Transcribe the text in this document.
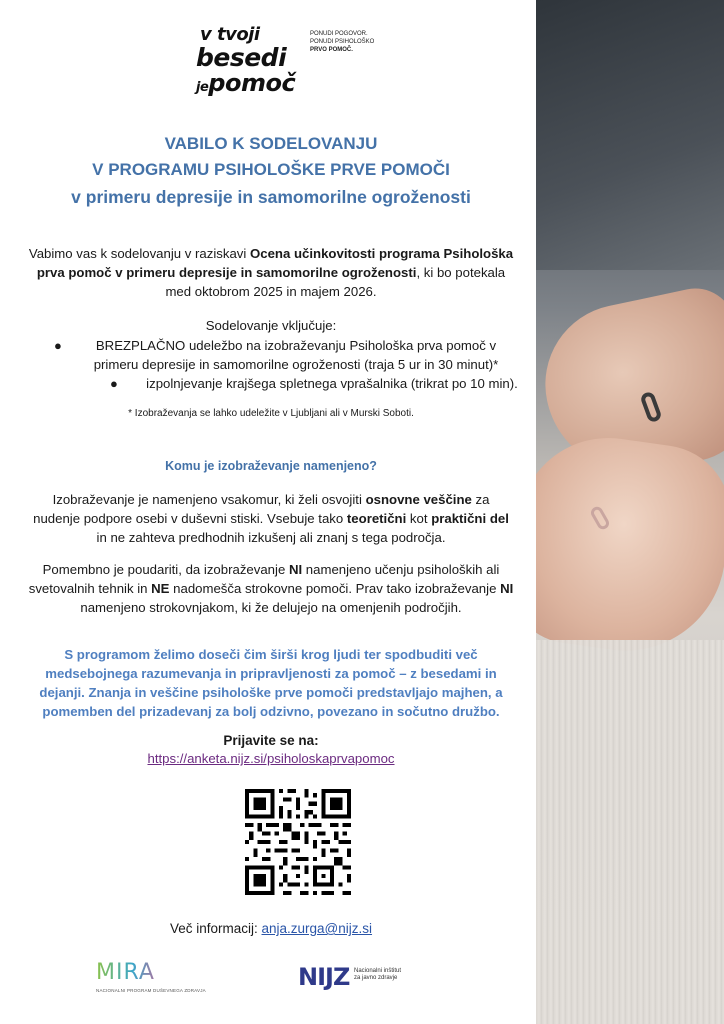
v tvoji
besedi
jepomoč
PONUDI POGOVOR.
PONUDI PSIHOLOŠKO
PRVO POMOČ.
VABILO K SODELOVANJU
V PROGRAMU PSIHOLOŠKE PRVE POMOČI
v primeru depresije in samomorilne ogroženosti
Vabimo vas k sodelovanju v raziskavi Ocena učinkovitosti programa Psihološka prva pomoč v primeru depresije in samomorilne ogroženosti, ki bo potekala med oktobrom 2025 in majem 2026.
Sodelovanje vključuje:
●	BREZPLAČNO udeležbo na izobraževanju Psihološka prva pomoč v primeru depresije in samomorilne ogroženosti (traja 5 ur in 30 minut)*
● izpolnjevanje krajšega spletnega vprašalnika (trikrat po 10 min).
* Izobraževanja se lahko udeležite v Ljubljani ali v Murski Soboti.
Komu je izobraževanje namenjeno?
Izobraževanje je namenjeno vsakomur, ki želi osvojiti osnovne veščine za nudenje podpore osebi v duševni stiski. Vsebuje tako teoretični kot praktični del in ne zahteva predhodnih izkušenj ali znanj s tega področja.
Pomembno je poudariti, da izobraževanje NI namenjeno učenju psiholoških ali svetovalnih tehnik in NE nadomešča strokovne pomoči. Prav tako izobraževanje NI namenjeno strokovnjakom, ki že delujejo na omenjenih področjih.
S programom želimo doseči čim širši krog ljudi ter spodbuditi več medsebojnega razumevanja in pripravljenosti za pomoč – z besedami in dejanji. Znanja in veščine psihološke prve pomoči predstavljajo majhen, a pomemben del prizadevanj za bolj odzivno, povezano in sočutno družbo.
Prijavite se na:
https://anketa.nijz.si/psiholoskaprvapomoc
Več informacij: anja.zurga@nijz.si
MIRA
NACIONALNI PROGRAM DUŠEVNEGA ZDRAVJA	NIJZ Nacionalni inštitut
za javno zdravje
